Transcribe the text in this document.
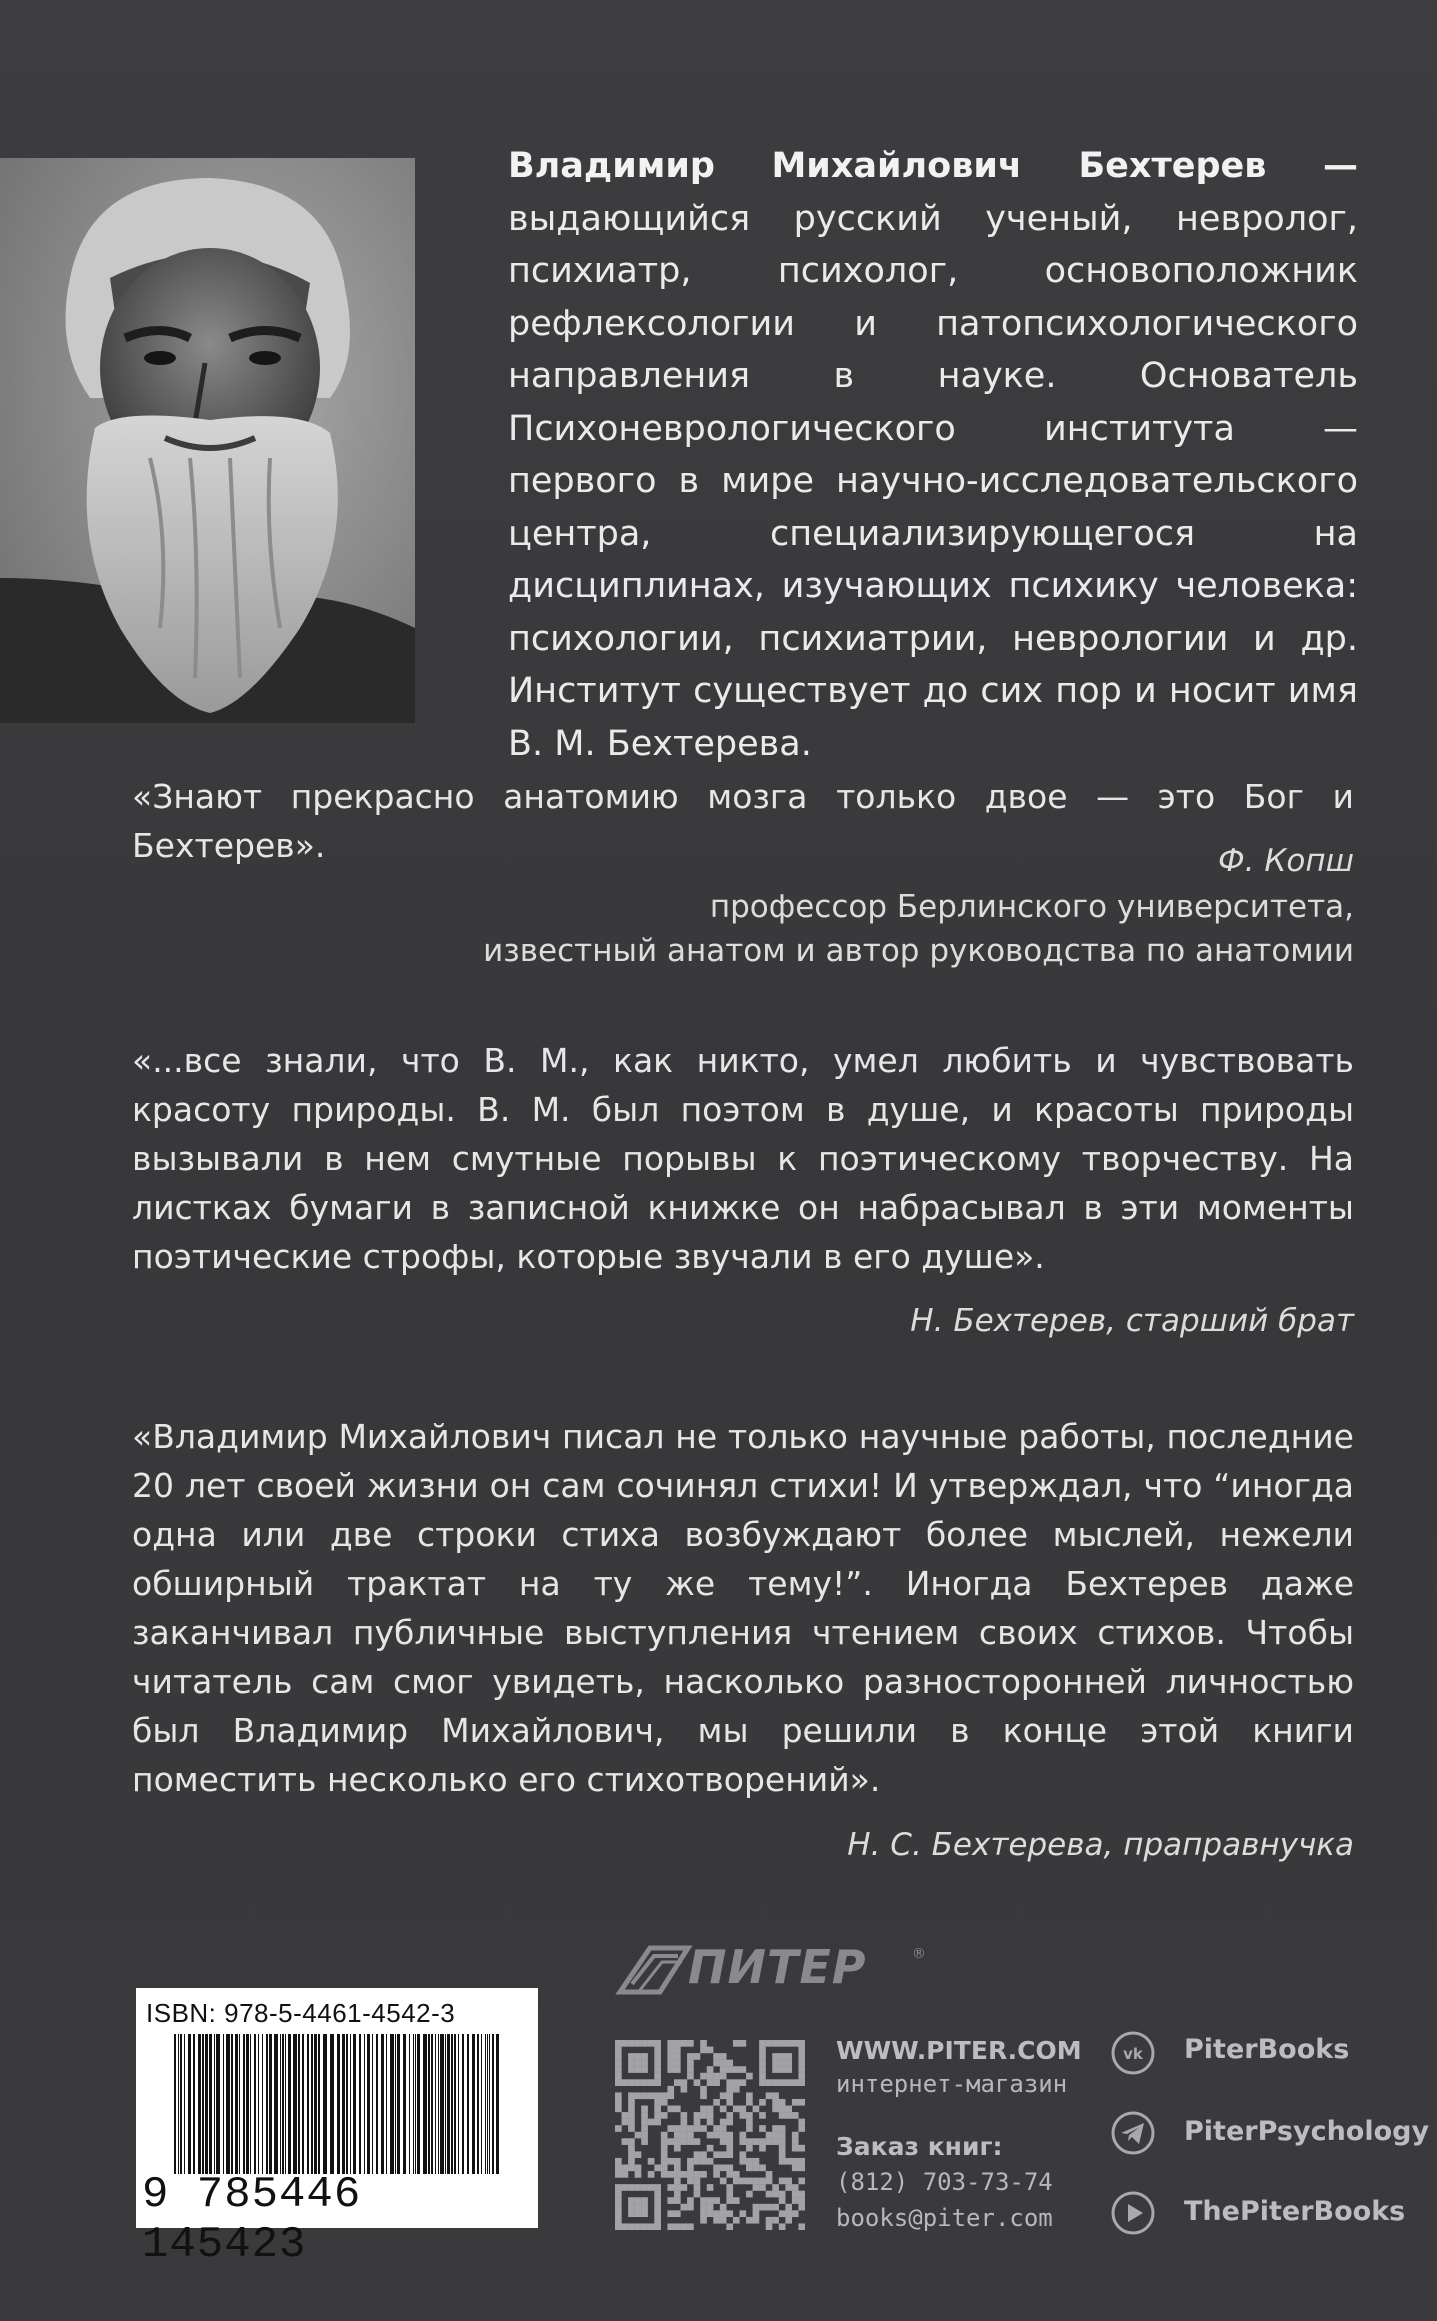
Владимир Михайлович Бехтерев — выдающийся русский ученый, невролог, психиатр, психолог, основоположник рефлексологии и патопсихологического направления в науке. Основатель Психоневрологического института — первого в мире научно-исследовательского центра, специализирующегося на дисциплинах, изучающих психику человека: психологии, психиатрии, неврологии и др. Институт существует до сих пор и носит имя В. М. Бехтерева.
«Знают прекрасно анатомию мозга только двое — это Бог и Бехтерев».	Ф. Копш
профессор Берлинского университета,
известный анатом и автор руководства по анатомии
«...все знали, что В. М., как никто, умел любить и чувствовать красоту природы. В. М. был поэтом в душе, и красоты природы вызывали в нем смутные порывы к поэтическому творчеству. На листках бумаги в записной книжке он набрасывал в эти моменты поэтические строфы, которые звучали в его душе».
Н. Бехтерев, старший брат
«Владимир Михайлович писал не только научные работы, последние 20 лет своей жизни он сам сочинял стихи! И утверждал, что “иногда одна или две строки стиха возбуждают более мыслей, нежели обширный трактат на ту же тему!”. Иногда Бехтерев даже заканчивал публичные выступления чтением своих стихов. Чтобы читатель сам смог увидеть, насколько разносторонней личностью был Владимир Михайлович, мы решили в конце этой книги поместить несколько его стихотворений».
Н. С. Бехтерева, праправнучка
ПИТЕР	®
ISBN: 978-5-4461-4542-3
9 785446 145423
WWW.PITER.COM
интернет-магазин
Заказ книг:
(812) 703-73-74
books@piter.com
vk PiterBooks
PiterPsychology
ThePiterBooks
